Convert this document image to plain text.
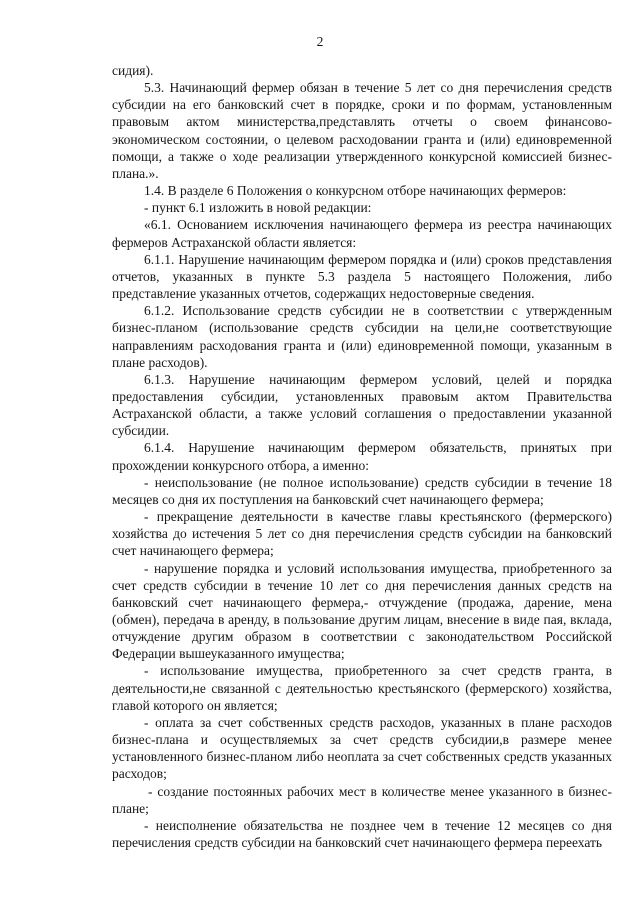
2

сидия).

5.3. Начинающий фермер обязан в течение 5 лет со дня перечисления средств субсидии на его банковский счет в порядке, сроки и по формам, установленным правовым актом министерства,представлять отчеты о своем финансово-экономическом состоянии, о целевом расходовании гранта и (или) единовременной помощи, а также о ходе реализации утвержденного конкурсной комиссией бизнес-плана.».

1.4. В разделе 6 Положения о конкурсном отборе начинающих фермеров:

- пункт 6.1 изложить в новой редакции:

«6.1. Основанием исключения начинающего фермера из реестра начинающих фермеров Астраханской области является:

6.1.1. Нарушение начинающим фермером порядка и (или) сроков представления отчетов, указанных в пункте 5.3 раздела 5 настоящего Положения, либо представление указанных отчетов, содержащих недостоверные сведения.

6.1.2. Использование средств субсидии не в соответствии с утвержденным бизнес-планом (использование средств субсидии на цели,не соответствующие направлениям расходования гранта и (или) единовременной помощи, указанным в плане расходов).

6.1.3. Нарушение начинающим фермером условий, целей и порядка предоставления субсидии, установленных правовым актом Правительства Астраханской области, а также условий соглашения о предоставлении указанной субсидии.

6.1.4. Нарушение начинающим фермером обязательств, принятых при прохождении конкурсного отбора, а именно:

- неиспользование (не полное использование) средств субсидии в течение 18 месяцев со дня их поступления на банковский счет начинающего фермера;

- прекращение деятельности в качестве главы крестьянского (фермерского) хозяйства до истечения 5 лет со дня перечисления средств субсидии на банковский счет начинающего фермера;

- нарушение порядка и условий использования имущества, приобретенного за счет средств субсидии в течение 10 лет со дня перечисления данных средств на банковский счет начинающего фермера,- отчуждение (продажа, дарение, мена (обмен), передача в аренду, в пользование другим лицам, внесение в виде пая, вклада, отчуждение другим образом в соответствии с законодательством Российской Федерации вышеуказанного имущества;

- использование имущества, приобретенного за счет средств гранта, в деятельности,не связанной с деятельностью крестьянского (фермерского) хозяйства, главой которого он является;

- оплата за счет собственных средств расходов, указанных в плане расходов бизнес-плана и осуществляемых за счет средств субсидии,в размере менее установленного бизнес-планом либо неоплата за счет собственных средств указанных расходов;

- создание постоянных рабочих мест в количестве менее указанного в бизнес-плане;

- неисполнение обязательства не позднее чем в течение 12 месяцев со дня перечисления средств субсидии на банковский счет начинающего фермера переехать
